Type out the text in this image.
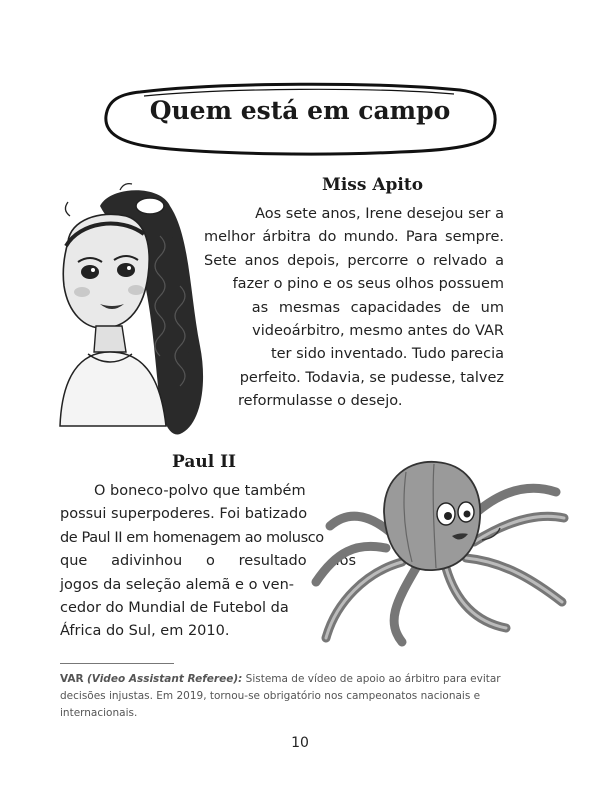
Quem está em campo
Miss Apito
Aos sete anos, Irene desejou ser a
melhor árbitra do mundo. Para sempre.
Sete anos depois, percorre o relvado a
fazer o pino e os seus olhos possuem
as mesmas capacidades de um
videoárbitro, mesmo antes do VAR
ter sido inventado. Tudo parecia
perfeito. Todavia, se pudesse, talvez
reformulasse o desejo.
Paul II
O boneco-polvo que também
possui superpoderes. Foi batizado
de Paul II em homenagem ao molusco
que adivinhou o resultado dos
jogos da seleção alemã e o ven-
cedor do Mundial de Futebol da
África do Sul, em 2010.
VAR (Video Assistant Referee): Sistema de vídeo de apoio ao árbitro para evitar
decisões injustas. Em 2019, tornou-se obrigatório nos campeonatos nacionais e
internacionais.
10
